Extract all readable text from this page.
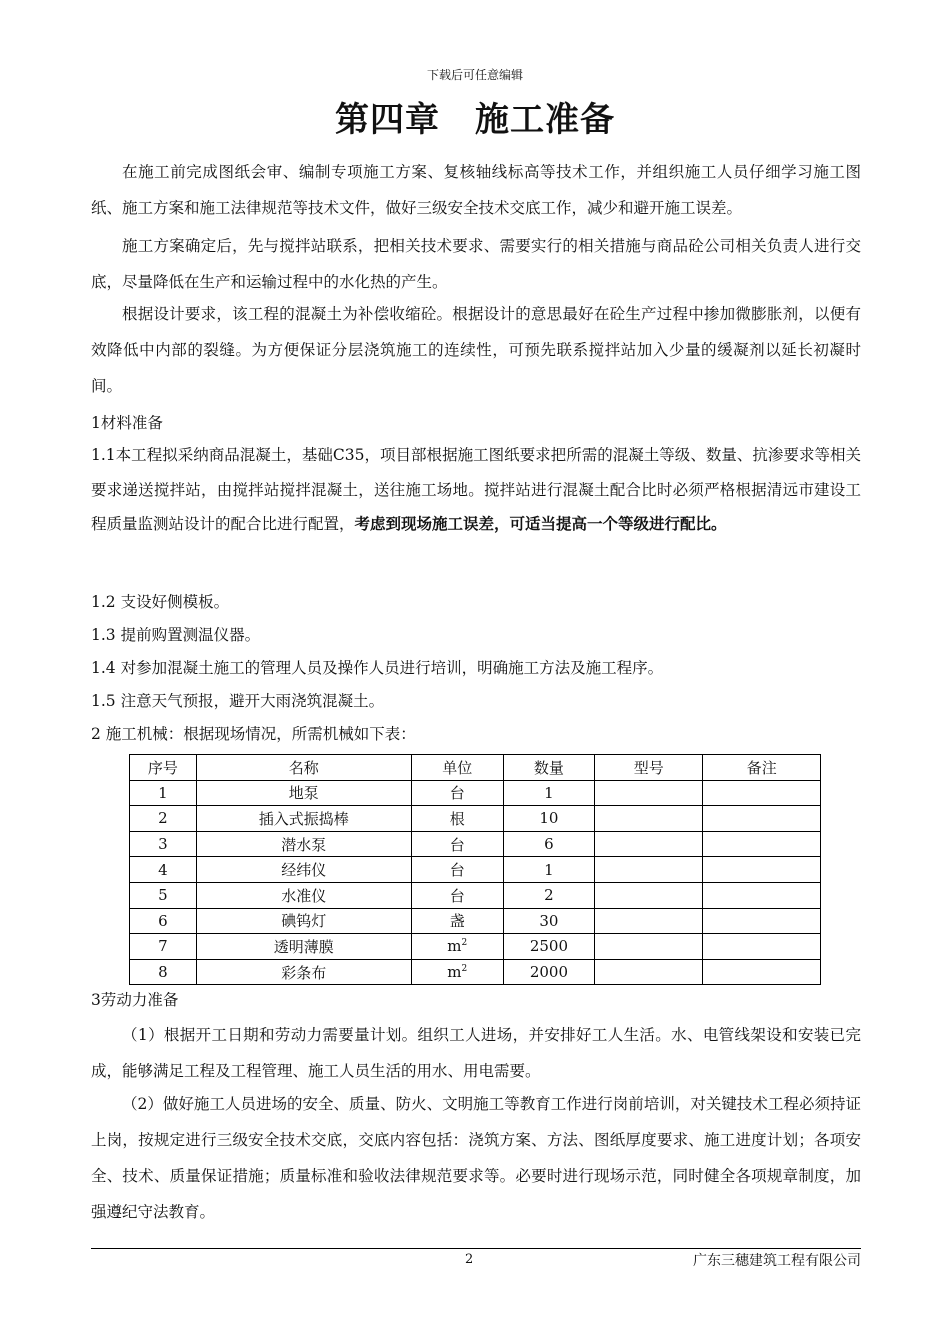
下载后可任意编辑
第四章　施工准备
在施工前完成图纸会审、编制专项施工方案、复核轴线标高等技术工作，并组织施工人员仔细学习施工图纸、施工方案和施工法律规范等技术文件，做好三级安全技术交底工作，减少和避开施工误差。
施工方案确定后，先与搅拌站联系，把相关技术要求、需要实行的相关措施与商品砼公司相关负责人进行交底，尽量降低在生产和运输过程中的水化热的产生。
根据设计要求，该工程的混凝土为补偿收缩砼。根据设计的意思最好在砼生产过程中掺加微膨胀剂，以便有效降低中内部的裂缝。为方便保证分层浇筑施工的连续性，可预先联系搅拌站加入少量的缓凝剂以延长初凝时间。
1材料准备
1.1本工程拟采纳商品混凝土，基础C35，项目部根据施工图纸要求把所需的混凝土等级、数量、抗渗要求等相关要求递送搅拌站，由搅拌站搅拌混凝土，送往施工场地。搅拌站进行混凝土配合比时必须严格根据清远市建设工程质量监测站设计的配合比进行配置，考虑到现场施工误差，可适当提高一个等级进行配比。
1.2 支设好侧模板。
1.3 提前购置测温仪器。
1.4 对参加混凝土施工的管理人员及操作人员进行培训，明确施工方法及施工程序。
1.5 注意天气预报，避开大雨浇筑混凝土。
2 施工机械：根据现场情况，所需机械如下表：
序号	名称	单位	数量	型号	备注
1	地泵	台	1		
2	插入式振捣棒	根	10		
3	潜水泵	台	6		
4	经纬仪	台	1		
5	水准仪	台	2		
6	碘钨灯	盏	30		
7	透明薄膜	$m^2$	2500		
8	彩条布	$m^2$	2000		
3劳动力准备
（1）根据开工日期和劳动力需要量计划。组织工人进场，并安排好工人生活。水、电管线架设和安装已完成，能够满足工程及工程管理、施工人员生活的用水、用电需要。
（2）做好施工人员进场的安全、质量、防火、文明施工等教育工作进行岗前培训，对关键技术工程必须持证上岗，按规定进行三级安全技术交底，交底内容包括：浇筑方案、方法、图纸厚度要求、施工进度计划；各项安全、技术、质量保证措施；质量标准和验收法律规范要求等。必要时进行现场示范，同时健全各项规章制度，加强遵纪守法教育。
2	广东三穗建筑工程有限公司
